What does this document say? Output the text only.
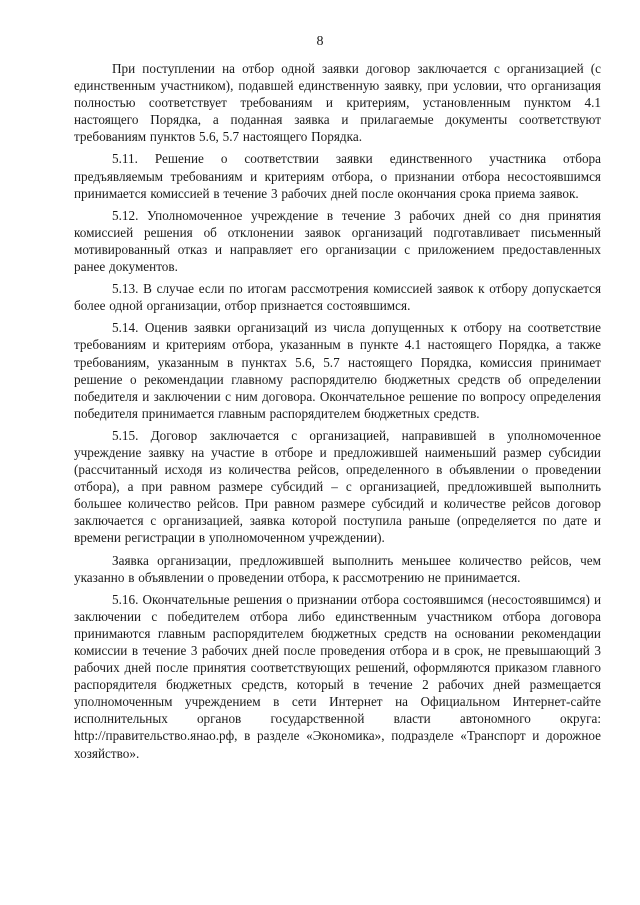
8

При поступлении на отбор одной заявки договор заключается с организацией (с единственным участником), подавшей единственную заявку, при условии, что организация полностью соответствует требованиям и критериям, установленным пунктом 4.1 настоящего Порядка, а поданная заявка и прилагаемые документы соответствуют требованиям пунктов 5.6, 5.7 настоящего Порядка.

5.11. Решение о соответствии заявки единственного участника отбора предъявляемым требованиям и критериям отбора, о признании отбора несостоявшимся принимается комиссией в течение 3 рабочих дней после окончания срока приема заявок.

5.12. Уполномоченное учреждение в течение 3 рабочих дней со дня принятия комиссией решения об отклонении заявок организаций подготавливает письменный мотивированный отказ и направляет его организации с приложением предоставленных ранее документов.

5.13. В случае если по итогам рассмотрения комиссией заявок к отбору допускается более одной организации, отбор признается состоявшимся.

5.14. Оценив заявки организаций из числа допущенных к отбору на соответствие требованиям и критериям отбора, указанным в пункте 4.1 настоящего Порядка, а также требованиям, указанным в пунктах 5.6, 5.7 настоящего Порядка, комиссия принимает решение о рекомендации главному распорядителю бюджетных средств об определении победителя и заключении с ним договора. Окончательное решение по вопросу определения победителя принимается главным распорядителем бюджетных средств.

5.15. Договор заключается с организацией, направившей в уполномоченное учреждение заявку на участие в отборе и предложившей наименьший размер субсидии (рассчитанный исходя из количества рейсов, определенного в объявлении о проведении отбора), а при равном размере субсидий – с организацией, предложившей выполнить большее количество рейсов. При равном размере субсидий и количестве рейсов договор заключается с организацией, заявка которой поступила раньше (определяется по дате и времени регистрации в уполномоченном учреждении).

Заявка организации, предложившей выполнить меньшее количество рейсов, чем указанно в объявлении о проведении отбора, к рассмотрению не принимается.

5.16. Окончательные решения о признании отбора состоявшимся (несостоявшимся) и заключении с победителем отбора либо единственным участником отбора договора принимаются главным распорядителем бюджетных средств на основании рекомендации комиссии в течение 3 рабочих дней после проведения отбора и в срок, не превышающий 3 рабочих дней после принятия соответствующих решений, оформляются приказом главного распорядителя бюджетных средств, который в течение 2 рабочих дней размещается уполномоченным учреждением в сети Интернет на Официальном Интернет-сайте исполнительных органов государственной власти автономного округа: http://правительство.янао.рф, в разделе «Экономика», подразделе «Транспорт и дорожное хозяйство».
